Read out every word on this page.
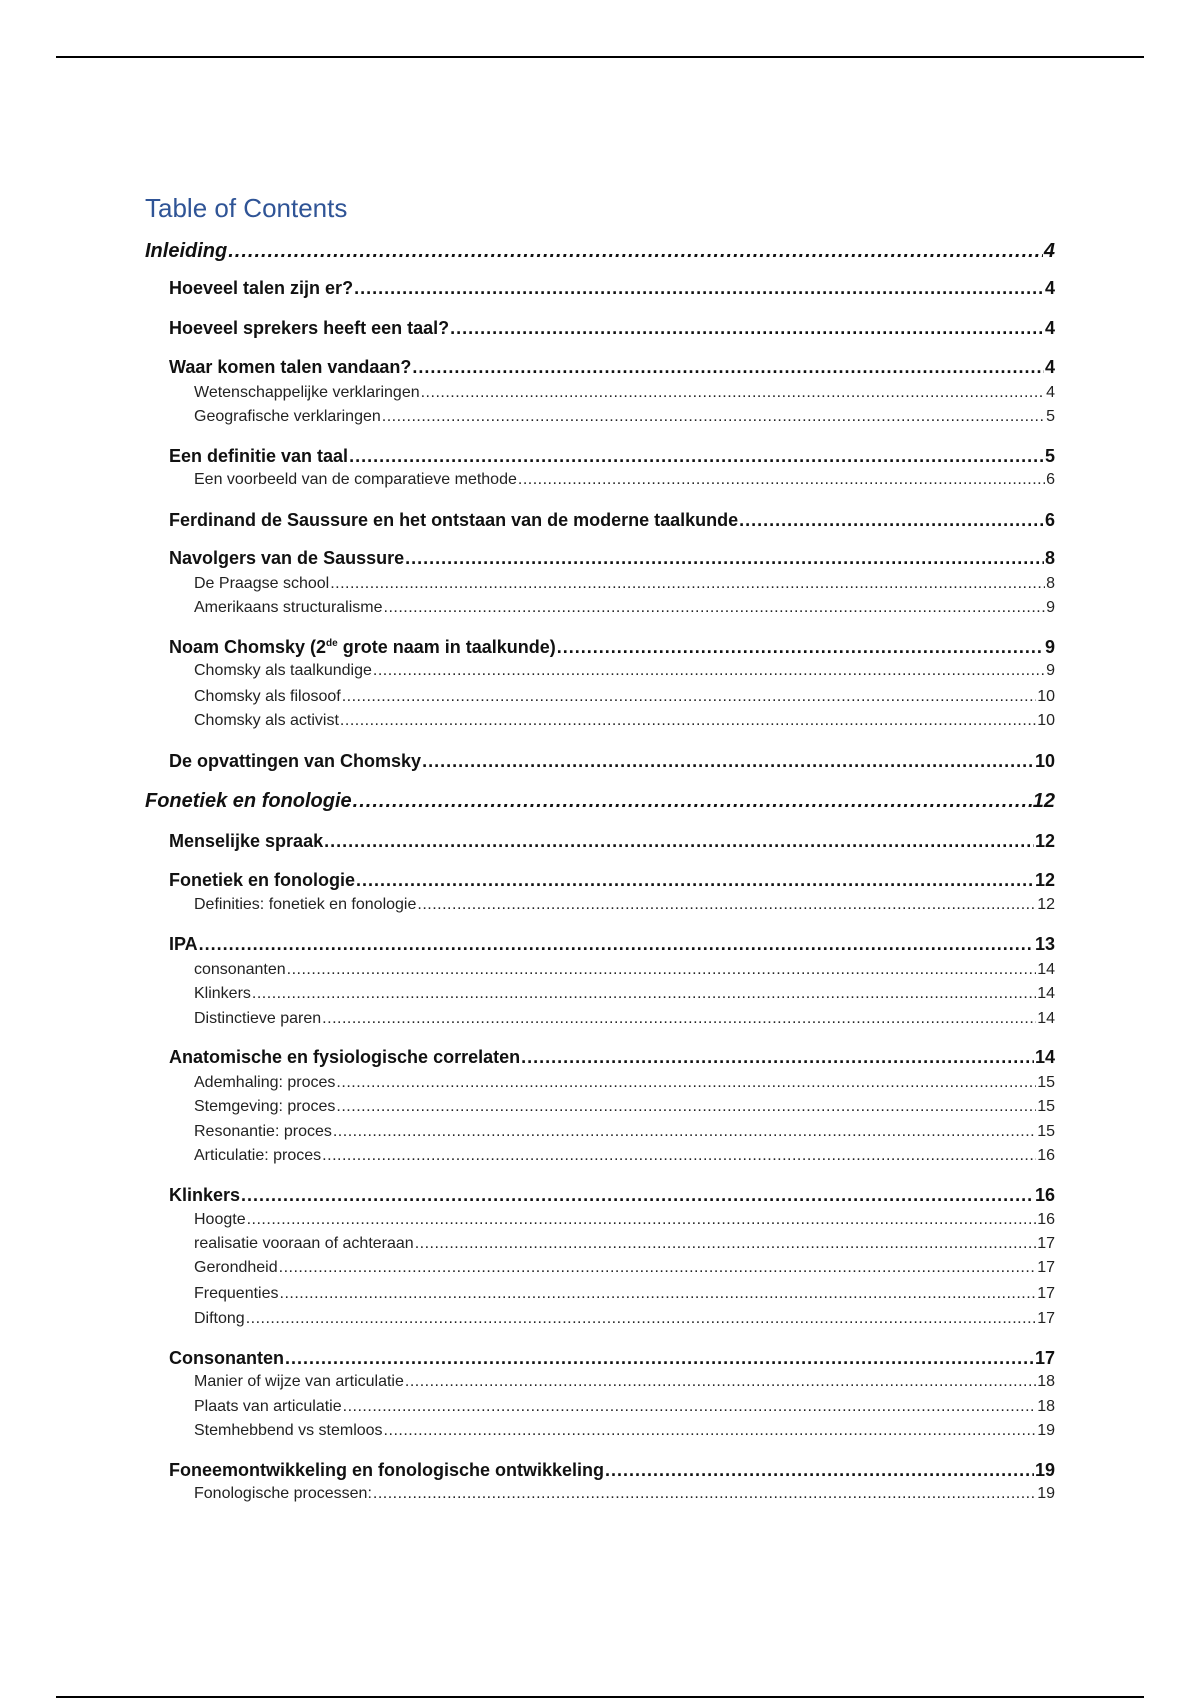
Table of Contents
Inleiding .....	4
Hoeveel talen zijn er? .....	4
Hoeveel sprekers heeft een taal? .....	4
Waar komen talen vandaan? .....	4
Wetenschappelijke verklaringen .....	4
Geografische verklaringen .....	5
Een definitie van taal .....	5
Een voorbeeld van de comparatieve methode .....	6
Ferdinand de Saussure en het ontstaan van de moderne taalkunde .....	6
Navolgers van de Saussure .....	8
De Praagse school .....	8
Amerikaans structuralisme .....	9
Noam Chomsky (2de grote naam in taalkunde) .....	9
Chomsky als taalkundige .....	9
Chomsky als filosoof .....	10
Chomsky als activist .....	10
De opvattingen van Chomsky .....	10
Fonetiek en fonologie .....	12
Menselijke spraak .....	12
Fonetiek en fonologie .....	12
Definities: fonetiek en fonologie .....	12
IPA .....	13
consonanten .....	14
Klinkers .....	14
Distinctieve paren .....	14
Anatomische en fysiologische correlaten .....	14
Ademhaling: proces .....	15
Stemgeving: proces .....	15
Resonantie: proces .....	15
Articulatie: proces .....	16
Klinkers .....	16
Hoogte .....	16
realisatie vooraan of achteraan .....	17
Gerondheid .....	17
Frequenties .....	17
Diftong .....	17
Consonanten .....	17
Manier of wijze van articulatie .....	18
Plaats van articulatie .....	18
Stemhebbend vs stemloos .....	19
Foneemontwikkeling en fonologische ontwikkeling .....	19
Fonologische processen: .....	19
